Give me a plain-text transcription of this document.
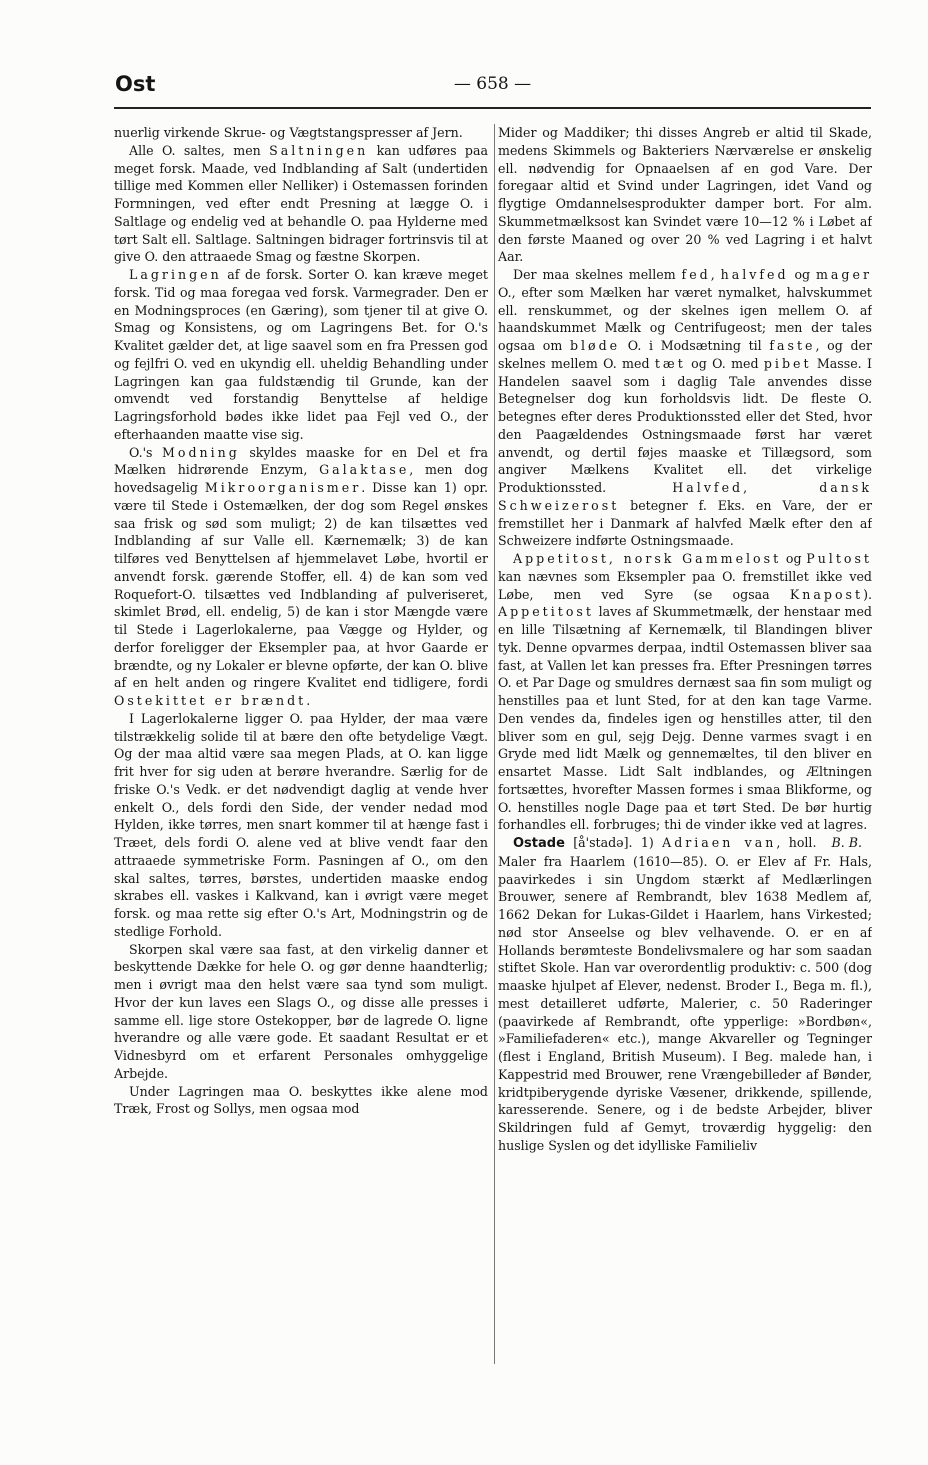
Ost	— 658 —

nuerlig virkende Skrue- og Vægtstangspresser af Jern.

Alle O. saltes, men Saltningen kan udføres paa meget forsk. Maade, ved Indblanding af Salt (undertiden tillige med Kommen eller Nelliker) i Ostemassen forinden Formningen, ved efter endt Presning at lægge O. i Saltlage og endelig ved at behandle O. paa Hylderne med tørt Salt ell. Saltlage. Saltningen bidrager fortrinsvis til at give O. den attraaede Smag og fæstne Skorpen.

Lagringen af de forsk. Sorter O. kan kræve meget forsk. Tid og maa foregaa ved forsk. Varmegrader. Den er en Modningsproces (en Gæring), som tjener til at give O. Smag og Konsistens, og om Lagringens Bet. for O.'s Kvalitet gælder det, at lige saavel som en fra Pressen god og fejlfri O. ved en ukyndig ell. uheldig Behandling under Lagringen kan gaa fuldstændig til Grunde, kan der omvendt ved forstandig Benyttelse af heldige Lagringsforhold bødes ikke lidet paa Fejl ved O., der efterhaanden maatte vise sig.

O.'s Modning skyldes maaske for en Del et fra Mælken hidrørende Enzym, Galaktase, men dog hovedsagelig Mikroorganismer. Disse kan 1) opr. være til Stede i Ostemælken, der dog som Regel ønskes saa frisk og sød som muligt; 2) de kan tilsættes ved Indblanding af sur Valle ell. Kærnemælk; 3) de kan tilføres ved Benyttelsen af hjemmelavet Løbe, hvortil er anvendt forsk. gærende Stoffer, ell. 4) de kan som ved Roquefort-O. tilsættes ved Indblanding af pulveriseret, skimlet Brød, ell. endelig, 5) de kan i stor Mængde være til Stede i Lagerlokalerne, paa Vægge og Hylder, og derfor foreligger der Eksempler paa, at hvor Gaarde er brændte, og ny Lokaler er blevne opførte, der kan O. blive af en helt anden og ringere Kvalitet end tidligere, fordi Ostekittet er brændt.

I Lagerlokalerne ligger O. paa Hylder, der maa være tilstrækkelig solide til at bære den ofte betydelige Vægt. Og der maa altid være saa megen Plads, at O. kan ligge frit hver for sig uden at berøre hverandre. Særlig for de friske O.'s Vedk. er det nødvendigt daglig at vende hver enkelt O., dels fordi den Side, der vender nedad mod Hylden, ikke tørres, men snart kommer til at hænge fast i Træet, dels fordi O. alene ved at blive vendt faar den attraaede symmetriske Form. Pasningen af O., om den skal saltes, tørres, børstes, undertiden maaske endog skrabes ell. vaskes i Kalkvand, kan i øvrigt være meget forsk. og maa rette sig efter O.'s Art, Modningstrin og de stedlige Forhold.

Skorpen skal være saa fast, at den virkelig danner et beskyttende Dække for hele O. og gør denne haandterlig; men i øvrigt maa den helst være saa tynd som muligt. Hvor der kun laves een Slags O., og disse alle presses i samme ell. lige store Ostekopper, bør de lagrede O. ligne hverandre og alle være gode. Et saadant Resultat er et Vidnesbyrd om et erfarent Personales omhyggelige Arbejde.

Under Lagringen maa O. beskyttes ikke alene mod Træk, Frost og Sollys, men ogsaa mod

Mider og Maddiker; thi disses Angreb er altid til Skade, medens Skimmels og Bakteriers Nærværelse er ønskelig ell. nødvendig for Opnaaelsen af en god Vare. Der foregaar altid et Svind under Lagringen, idet Vand og flygtige Omdannelsesprodukter damper bort. For alm. Skummetmælksost kan Svindet være 10—12 % i Løbet af den første Maaned og over 20 % ved Lagring i et halvt Aar.

Der maa skelnes mellem fed, halvfed og mager O., efter som Mælken har været nymalket, halvskummet ell. renskummet, og der skelnes igen mellem O. af haandskummet Mælk og Centrifugeost; men der tales ogsaa om bløde O. i Modsætning til faste, og der skelnes mellem O. med tæt og O. med pibet Masse. I Handelen saavel som i daglig Tale anvendes disse Betegnelser dog kun forholdsvis lidt. De fleste O. betegnes efter deres Produktionssted eller det Sted, hvor den Paagældendes Ostningsmaade først har været anvendt, og dertil føjes maaske et Tillægsord, som angiver Mælkens Kvalitet ell. det virkelige Produktionssted. Halvfed, dansk Schweizerost betegner f. Eks. en Vare, der er fremstillet her i Danmark af halvfed Mælk efter den af Schweizere indførte Ostningsmaade.

Appetitost, norsk Gammelost og Pultost kan nævnes som Eksempler paa O. fremstillet ikke ved Løbe, men ved Syre (se ogsaa Knapost). Appetitost laves af Skummetmælk, der henstaar med en lille Tilsætning af Kernemælk, til Blandingen bliver tyk. Denne opvarmes derpaa, indtil Ostemassen bliver saa fast, at Vallen let kan presses fra. Efter Presningen tørres O. et Par Dage og smuldres dernæst saa fin som muligt og henstilles paa et lunt Sted, for at den kan tage Varme. Den vendes da, findeles igen og henstilles atter, til den bliver som en gul, sejg Dejg. Denne varmes svagt i en Gryde med lidt Mælk og gennemæltes, til den bliver en ensartet Masse. Lidt Salt indblandes, og Æltningen fortsættes, hvorefter Massen formes i smaa Blikforme, og O. henstilles nogle Dage paa et tørt Sted. De bør hurtig forhandles ell. forbruges; thi de vinder ikke ved at lagres.
B. B.

Ostade [å'stadə]. 1) Adriaen van, holl. Maler fra Haarlem (1610—85). O. er Elev af Fr. Hals, paavirkedes i sin Ungdom stærkt af Medlærlingen Brouwer, senere af Rembrandt, blev 1638 Medlem af, 1662 Dekan for Lukas-Gildet i Haarlem, hans Virkested; nød stor Anseelse og blev velhavende. O. er en af Hollands berømteste Bondelivsmalere og har som saadan stiftet Skole. Han var overordentlig produktiv: c. 500 (dog maaske hjulpet af Elever, nedenst. Broder I., Bega m. fl.), mest detailleret udførte, Malerier, c. 50 Raderinger (paavirkede af Rembrandt, ofte ypperlige: »Bordbøn«, »Familiefaderen« etc.), mange Akvareller og Tegninger (flest i England, British Museum). I Beg. malede han, i Kappestrid med Brouwer, rene Vrængebilleder af Bønder, kridtpiberygende dyriske Væsener, drikkende, spillende, karesserende. Senere, og i de bedste Arbejder, bliver Skildringen fuld af Gemyt, troværdig hyggelig: den huslige Syslen og det idylliske Familieliv
